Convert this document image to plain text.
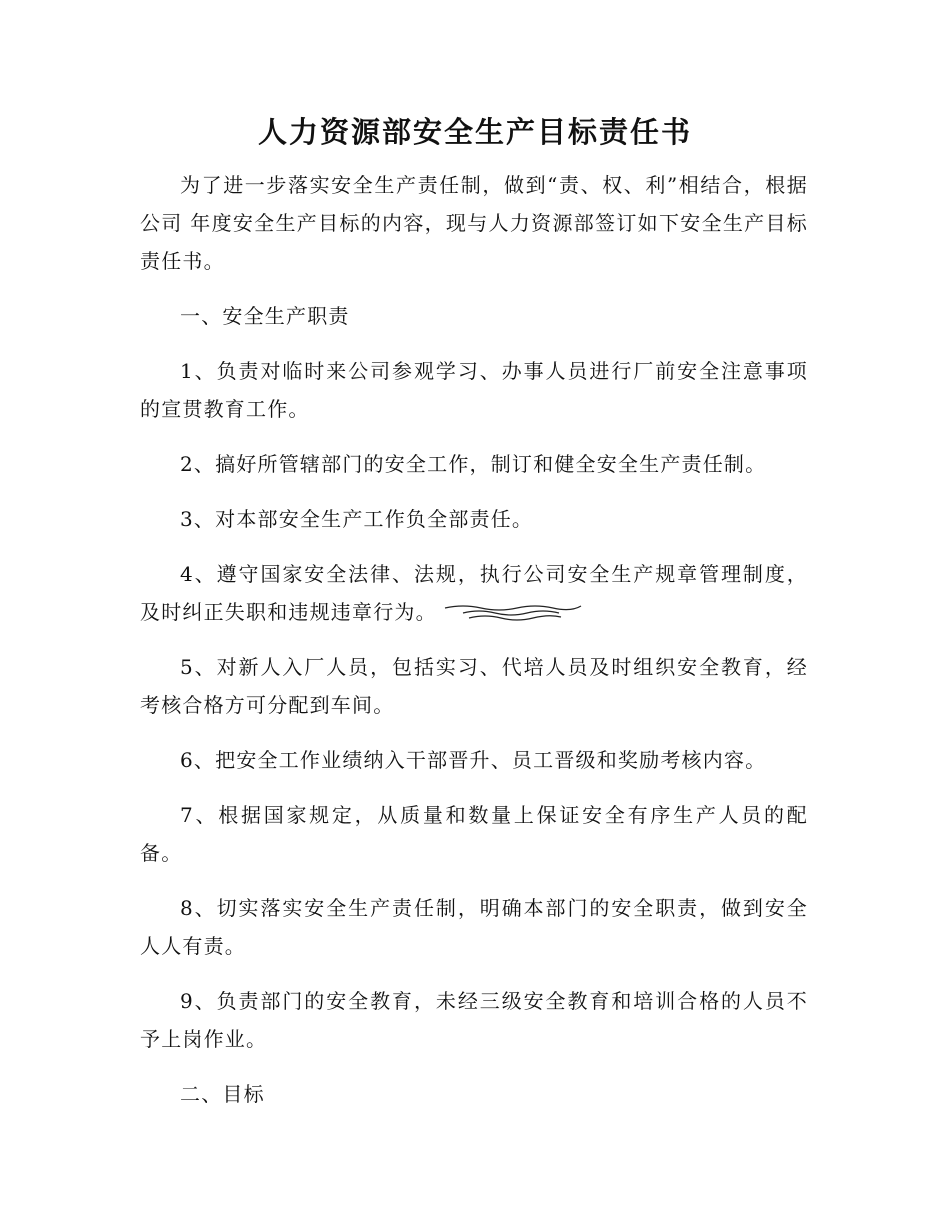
人力资源部安全生产目标责任书

为了进一步落实安全生产责任制，做到“责、权、利”相结合，根据公司 年度安全生产目标的内容，现与人力资源部签订如下安全生产目标责任书。

一、安全生产职责

1、负责对临时来公司参观学习、办事人员进行厂前安全注意事项的宣贯教育工作。

2、搞好所管辖部门的安全工作，制订和健全安全生产责任制。

3、对本部安全生产工作负全部责任。

4、遵守国家安全法律、法规，执行公司安全生产规章管理制度，及时纠正失职和违规违章行为。

5、对新人入厂人员，包括实习、代培人员及时组织安全教育，经考核合格方可分配到车间。

6、把安全工作业绩纳入干部晋升、员工晋级和奖励考核内容。

7、根据国家规定，从质量和数量上保证安全有序生产人员的配备。

8、切实落实安全生产责任制，明确本部门的安全职责，做到安全人人有责。

9、负责部门的安全教育，未经三级安全教育和培训合格的人员不予上岗作业。

二、目标
